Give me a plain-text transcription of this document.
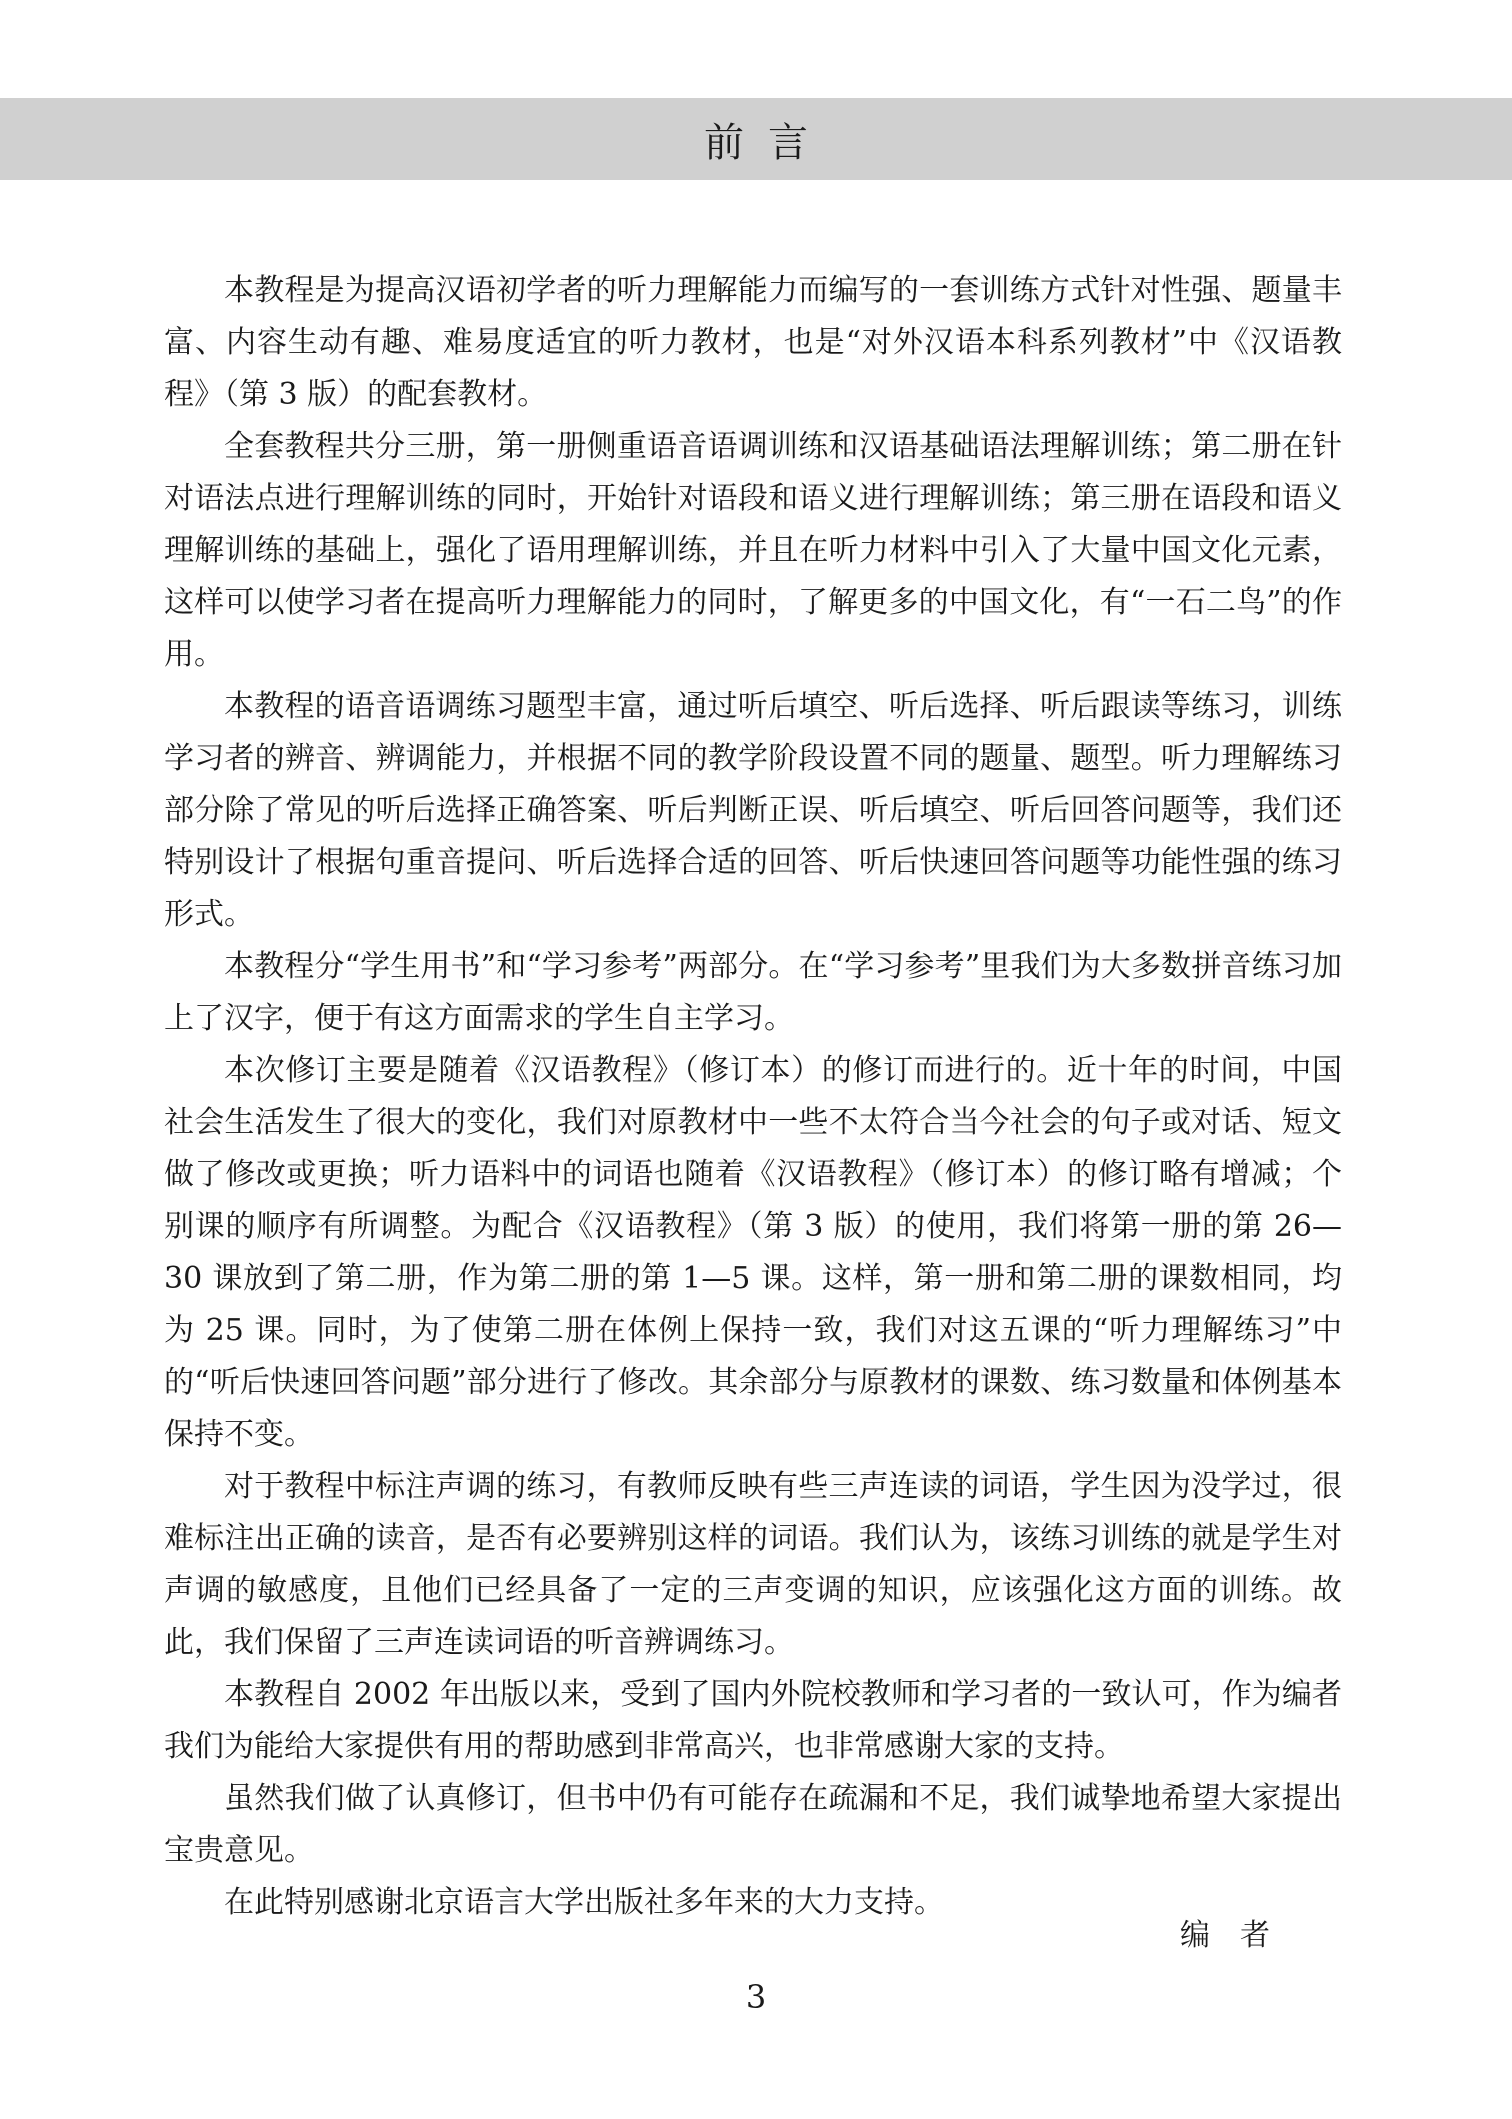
前言

本教程是为提高汉语初学者的听力理解能力而编写的一套训练方式针对性强、题量丰富、内容生动有趣、难易度适宜的听力教材，也是“对外汉语本科系列教材”中《汉语教程》（第 3 版）的配套教材。

全套教程共分三册，第一册侧重语音语调训练和汉语基础语法理解训练；第二册在针对语法点进行理解训练的同时，开始针对语段和语义进行理解训练；第三册在语段和语义理解训练的基础上，强化了语用理解训练，并且在听力材料中引入了大量中国文化元素，这样可以使学习者在提高听力理解能力的同时，了解更多的中国文化，有“一石二鸟”的作用。

本教程的语音语调练习题型丰富，通过听后填空、听后选择、听后跟读等练习，训练学习者的辨音、辨调能力，并根据不同的教学阶段设置不同的题量、题型。听力理解练习部分除了常见的听后选择正确答案、听后判断正误、听后填空、听后回答问题等，我们还特别设计了根据句重音提问、听后选择合适的回答、听后快速回答问题等功能性强的练习形式。

本教程分“学生用书”和“学习参考”两部分。在“学习参考”里我们为大多数拼音练习加上了汉字，便于有这方面需求的学生自主学习。

本次修订主要是随着《汉语教程》（修订本）的修订而进行的。近十年的时间，中国社会生活发生了很大的变化，我们对原教材中一些不太符合当今社会的句子或对话、短文做了修改或更换；听力语料中的词语也随着《汉语教程》（修订本）的修订略有增减；个别课的顺序有所调整。为配合《汉语教程》（第 3 版）的使用，我们将第一册的第 26—30 课放到了第二册，作为第二册的第 1—5 课。这样，第一册和第二册的课数相同，均为 25 课。同时，为了使第二册在体例上保持一致，我们对这五课的“听力理解练习”中的“听后快速回答问题”部分进行了修改。其余部分与原教材的课数、练习数量和体例基本保持不变。

对于教程中标注声调的练习，有教师反映有些三声连读的词语，学生因为没学过，很难标注出正确的读音，是否有必要辨别这样的词语。我们认为，该练习训练的就是学生对声调的敏感度，且他们已经具备了一定的三声变调的知识，应该强化这方面的训练。故此，我们保留了三声连读词语的听音辨调练习。

本教程自 2002 年出版以来，受到了国内外院校教师和学习者的一致认可，作为编者我们为能给大家提供有用的帮助感到非常高兴，也非常感谢大家的支持。

虽然我们做了认真修订，但书中仍有可能存在疏漏和不足，我们诚挚地希望大家提出宝贵意见。

在此特别感谢北京语言大学出版社多年来的大力支持。

编者
3
